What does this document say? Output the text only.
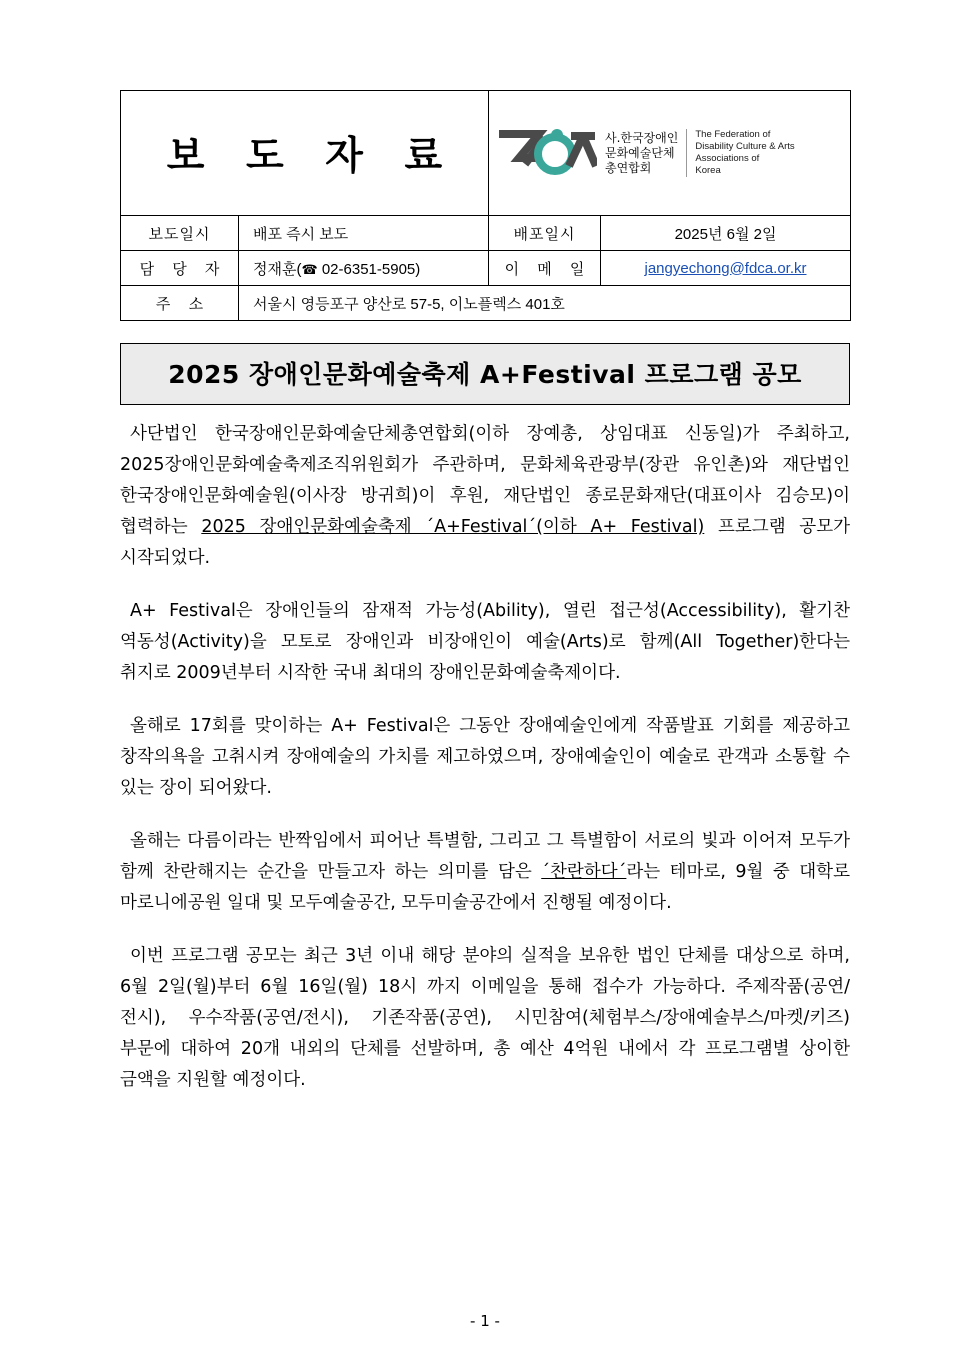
보 도 자 료	사.한국장애인
문화예술단체
총연합회
The Federation of
Disability Culture & Arts
Associations of
Korea

보도일시	배포 즉시 보도	배포일시	2025년 6월 2일
담 당 자	정재훈(☎ 02-6351-5905)	이 메 일	jangyechong@fdca.or.kr
주 소	서울시 영등포구 양산로 57-5, 이노플렉스 401호		
2025 장애인문화예술축제 A+Festival 프로그램 공모

사단법인 한국장애인문화예술단체총연합회(이하 장예총, 상임대표 신동일)가 주최하고, 2025장애인문화예술축제조직위원회가 주관하며, 문화체육관광부(장관 유인촌)와 재단법인 한국장애인문화예술원(이사장 방귀희)이 후원, 재단법인 종로문화재단(대표이사 김승모)이 협력하는 2025 장애인문화예술축제 ´A+Festival´(이하 A+ Festival) 프로그램 공모가 시작되었다.

A+ Festival은 장애인들의 잠재적 가능성(Ability), 열린 접근성(Accessibility), 활기찬 역동성(Activity)을 모토로 장애인과 비장애인이 예술(Arts)로 함께(All Together)한다는 취지로 2009년부터 시작한 국내 최대의 장애인문화예술축제이다.

올해로 17회를 맞이하는 A+ Festival은 그동안 장애예술인에게 작품발표 기회를 제공하고 창작의욕을 고취시켜 장애예술의 가치를 제고하였으며, 장애예술인이 예술로 관객과 소통할 수 있는 장이 되어왔다.

올해는 다름이라는 반짝임에서 피어난 특별함, 그리고 그 특별함이 서로의 빛과 이어져 모두가 함께 찬란해지는 순간을 만들고자 하는 의미를 담은 ´찬란하다´라는 테마로, 9월 중 대학로 마로니에공원 일대 및 모두예술공간, 모두미술공간에서 진행될 예정이다.

이번 프로그램 공모는 최근 3년 이내 해당 분야의 실적을 보유한 법인 단체를 대상으로 하며, 6월 2일(월)부터 6월 16일(월) 18시 까지 이메일을 통해 접수가 가능하다. 주제작품(공연/전시), 우수작품(공연/전시), 기존작품(공연), 시민참여(체험부스/장애예술부스/마켓/키즈) 부문에 대하여 20개 내외의 단체를 선발하며, 총 예산 4억원 내에서 각 프로그램별 상이한 금액을 지원할 예정이다.

- 1 -
